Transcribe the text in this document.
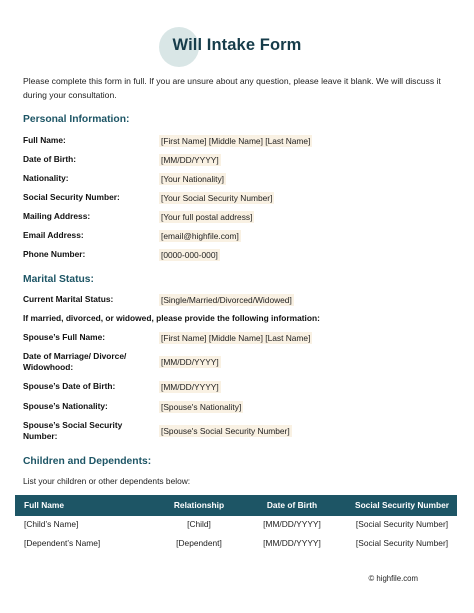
Will Intake Form
Please complete this form in full. If you are unsure about any question, please leave it blank. We will discuss it during your consultation.
Personal Information:
Full Name:	[First Name] [Middle Name] [Last Name]
Date of Birth:	[MM/DD/YYYY]
Nationality:	[Your Nationality]
Social Security Number:	[Your Social Security Number]
Mailing Address:	[Your full postal address]
Email Address:	[email@highfile.com]
Phone Number:	[0000-000-000]
Marital Status:
Current Marital Status:	[Single/Married/Divorced/Widowed]
If married, divorced, or widowed, please provide the following information:
Spouse’s Full Name:	[First Name] [Middle Name] [Last Name]
Date of Marriage/ Divorce/
Widowhood:	[MM/DD/YYYY]
Spouse’s Date of Birth:	[MM/DD/YYYY]
Spouse’s Nationality:	[Spouse's Nationality]
Spouse’s Social Security
Number:	[Spouse's Social Security Number]
Children and Dependents:
List your children or other dependents below:
Full Name	Relationship	Date of Birth	Social Security Number
[Child’s Name]	[Child]	[MM/DD/YYYY]	[Social Security Number]
[Dependent’s Name]	[Dependent]	[MM/DD/YYYY]	[Social Security Number]
© highfile.com
